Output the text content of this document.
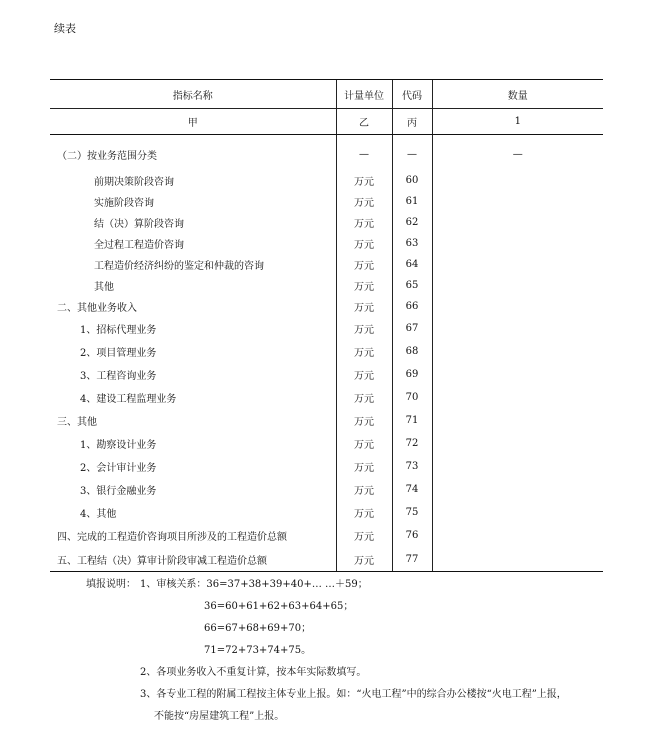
续表
指标名称	计量单位	代码	数量
甲	乙	丙	1
（二）按业务范围分类	—	—	—
前期决策阶段咨询	万元	60	
实施阶段咨询	万元	61	
结（决）算阶段咨询	万元	62	
全过程工程造价咨询	万元	63	
工程造价经济纠纷的鉴定和仲裁的咨询	万元	64	
其他	万元	65	
二、其他业务收入	万元	66	
1、招标代理业务	万元	67	
2、项目管理业务	万元	68	
3、工程咨询业务	万元	69	
4、建设工程监理业务	万元	70	
三、其他	万元	71	
1、勘察设计业务	万元	72	
2、会计审计业务	万元	73	
3、银行金融业务	万元	74	
4、其他	万元	75	
四、完成的工程造价咨询项目所涉及的工程造价总额	万元	76	
五、工程结（决）算审计阶段审减工程造价总额	万元	77	
填报说明： 1、审核关系：36=37+38+39+40+… …＋59；
36=60+61+62+63+64+65；
66=67+68+69+70；
71=72+73+74+75。
2、各项业务收入不重复计算，按本年实际数填写。
3、各专业工程的附属工程按主体专业上报。如：“火电工程”中的综合办公楼按“火电工程”上报，
不能按“房屋建筑工程”上报。
